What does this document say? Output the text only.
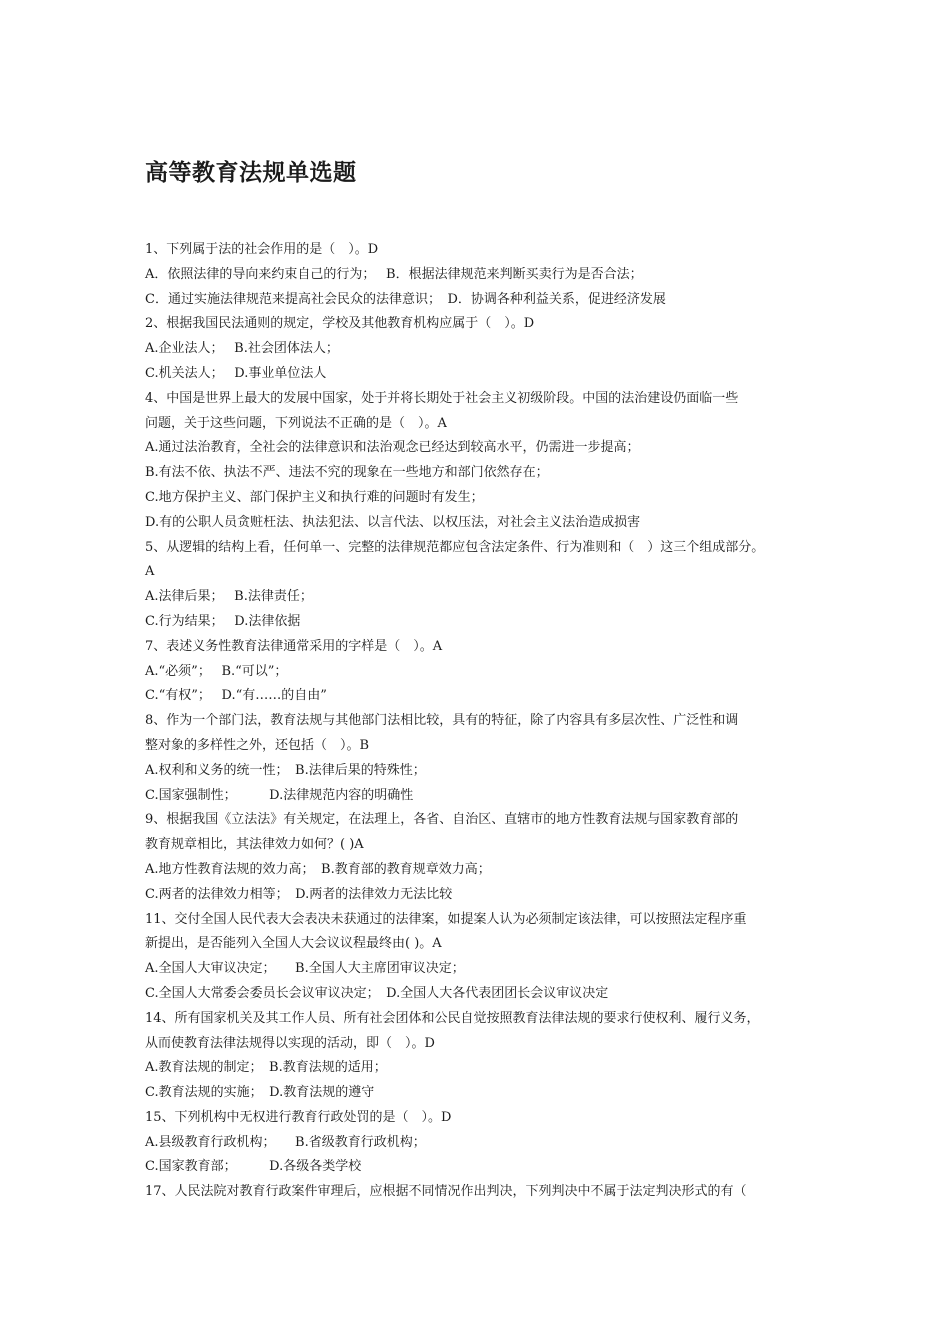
高等教育法规单选题
1、下列属于法的社会作用的是（　）。D
A．依照法律的导向来约束自己的行为；　 B．根据法律规范来判断买卖行为是否合法；
C．通过实施法律规范来提高社会民众的法律意识；　D．协调各种利益关系，促进经济发展
2、根据我国民法通则的规定，学校及其他教育机构应属于（　）。D
A.企业法人；　 B.社会团体法人；
C.机关法人；　 D.事业单位法人
4、中国是世界上最大的发展中国家，处于并将长期处于社会主义初级阶段。中国的法治建设仍面临一些
问题，关于这些问题，下列说法不正确的是（　）。A
A.通过法治教育，全社会的法律意识和法治观念已经达到较高水平，仍需进一步提高；
B.有法不依、执法不严、违法不究的现象在一些地方和部门依然存在；
C.地方保护主义、部门保护主义和执行难的问题时有发生；
D.有的公职人员贪赃枉法、执法犯法、以言代法、以权压法，对社会主义法治造成损害
5、从逻辑的结构上看，任何单一、完整的法律规范都应包含法定条件、行为准则和（　）这三个组成部分。
A
A.法律后果；　 B.法律责任；
C.行为结果；　 D.法律依据
7、表述义务性教育法律通常采用的字样是（　）。A
A.“必须”；　 B.“可以”；
C.“有权”；　 D.“有……的自由”
8、作为一个部门法，教育法规与其他部门法相比较，具有的特征，除了内容具有多层次性、广泛性和调
整对象的多样性之外，还包括（　）。B
A.权利和义务的统一性；　B.法律后果的特殊性；
C.国家强制性；　　　D.法律规范内容的明确性
9、根据我国《立法法》有关规定，在法理上，各省、自治区、直辖市的地方性教育法规与国家教育部的
教育规章相比，其法律效力如何？( )A
A.地方性教育法规的效力高；　B.教育部的教育规章效力高；
C.两者的法律效力相等；　D.两者的法律效力无法比较
11、交付全国人民代表大会表决未获通过的法律案，如提案人认为必须制定该法律，可以按照法定程序重
新提出，是否能列入全国人大会议议程最终由( )。A
A.全国人大审议决定；　　B.全国人大主席团审议决定；
C.全国人大常委会委员长会议审议决定；　D.全国人大各代表团团长会议审议决定
14、所有国家机关及其工作人员、所有社会团体和公民自觉按照教育法律法规的要求行使权利、履行义务，
从而使教育法律法规得以实现的活动，即（　）。D
A.教育法规的制定；　B.教育法规的适用；
C.教育法规的实施；　D.教育法规的遵守
15、下列机构中无权进行教育行政处罚的是（　）。D
A.县级教育行政机构；　　B.省级教育行政机构；
C.国家教育部；　　　D.各级各类学校
17、人民法院对教育行政案件审理后，应根据不同情况作出判决，下列判决中不属于法定判决形式的有（
